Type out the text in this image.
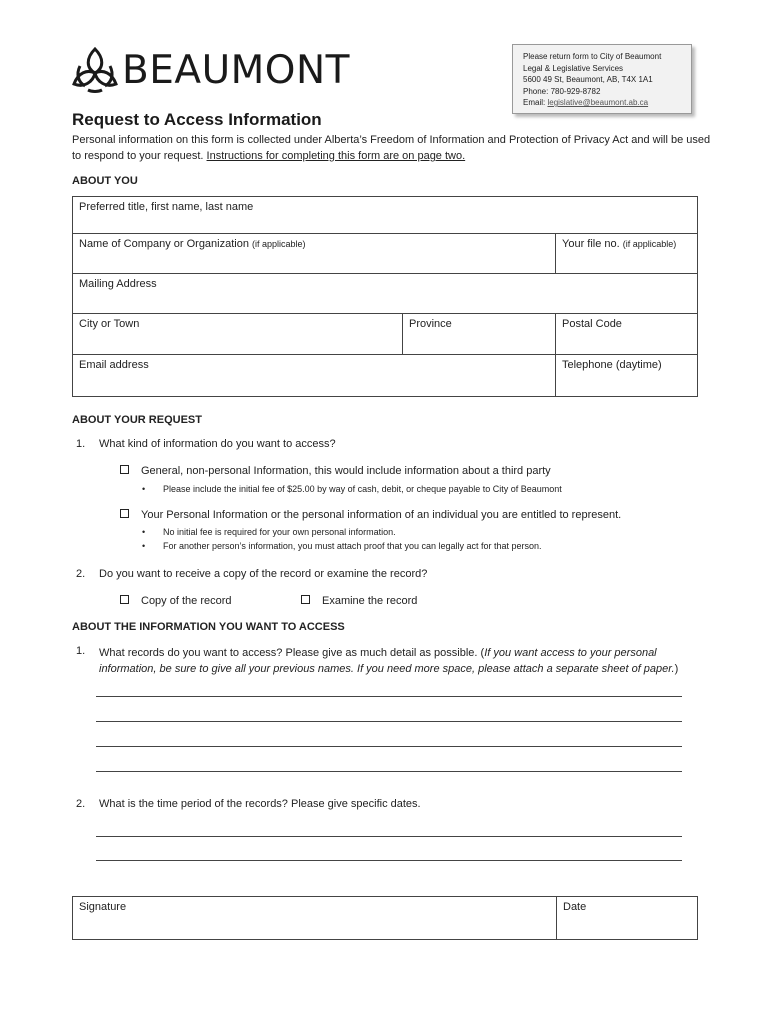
BEAUMONT	Please return form to City of Beaumont
Legal & Legislative Services
5600 49 St, Beaumont, AB, T4X 1A1
Phone: 780-929-8782
Email: legislative@beaumont.ab.ca
Request to Access Information
Personal information on this form is collected under Alberta’s Freedom of Information and Protection of Privacy Act and will be used to respond to your request. Instructions for completing this form are on page two.
ABOUT YOU
Preferred title, first name, last name		
Name of Company or Organization (if applicable)		Your file no. (if applicable)
Mailing Address		
City or Town	Province	Postal Code
Email address		Telephone (daytime)
ABOUT YOUR REQUEST
1. What kind of information do you want to access?
General, non-personal Information, this would include information about a third party
• Please include the initial fee of $25.00 by way of cash, debit, or cheque payable to City of Beaumont
Your Personal Information or the personal information of an individual you are entitled to represent.
• No initial fee is required for your own personal information.
• For another person’s information, you must attach proof that you can legally act for that person.
2. Do you want to receive a copy of the record or examine the record?
Copy of the record	Examine the record
ABOUT THE INFORMATION YOU WANT TO ACCESS
1. What records do you want to access? Please give as much detail as possible. (If you want access to your personal information, be sure to give all your previous names. If you need more space, please attach a separate sheet of paper.)
2. What is the time period of the records? Please give specific dates.
Signature	Date
